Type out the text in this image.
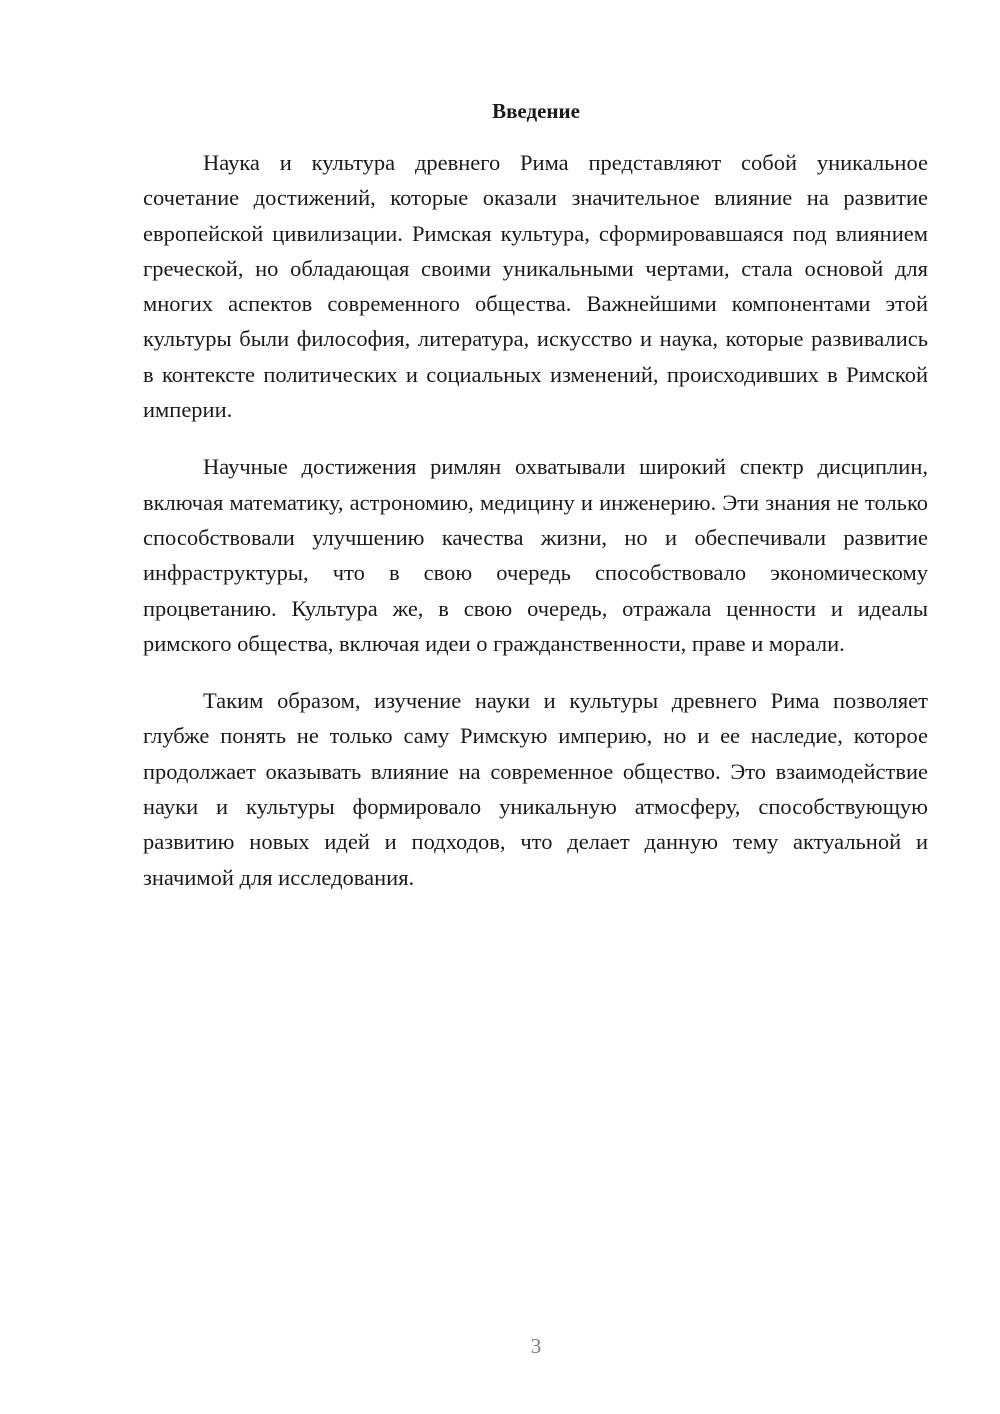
Введение

Наука и культура древнего Рима представляют собой уникальное сочетание достижений, которые оказали значительное влияние на развитие европейской цивилизации. Римская культура, сформировавшаяся под влиянием греческой, но обладающая своими уникальными чертами, стала основой для многих аспектов современного общества. Важнейшими компонентами этой культуры были философия, литература, искусство и наука, которые развивались в контексте политических и социальных изменений, происходивших в Римской империи.

Научные достижения римлян охватывали широкий спектр дисциплин, включая математику, астрономию, медицину и инженерию. Эти знания не только способствовали улучшению качества жизни, но и обеспечивали развитие инфраструктуры, что в свою очередь способствовало экономическому процветанию. Культура же, в свою очередь, отражала ценности и идеалы римского общества, включая идеи о гражданственности, праве и морали.

Таким образом, изучение науки и культуры древнего Рима позволяет глубже понять не только саму Римскую империю, но и ее наследие, которое продолжает оказывать влияние на современное общество. Это взаимодействие науки и культуры формировало уникальную атмосферу, способствующую развитию новых идей и подходов, что делает данную тему актуальной и значимой для исследования.

3
